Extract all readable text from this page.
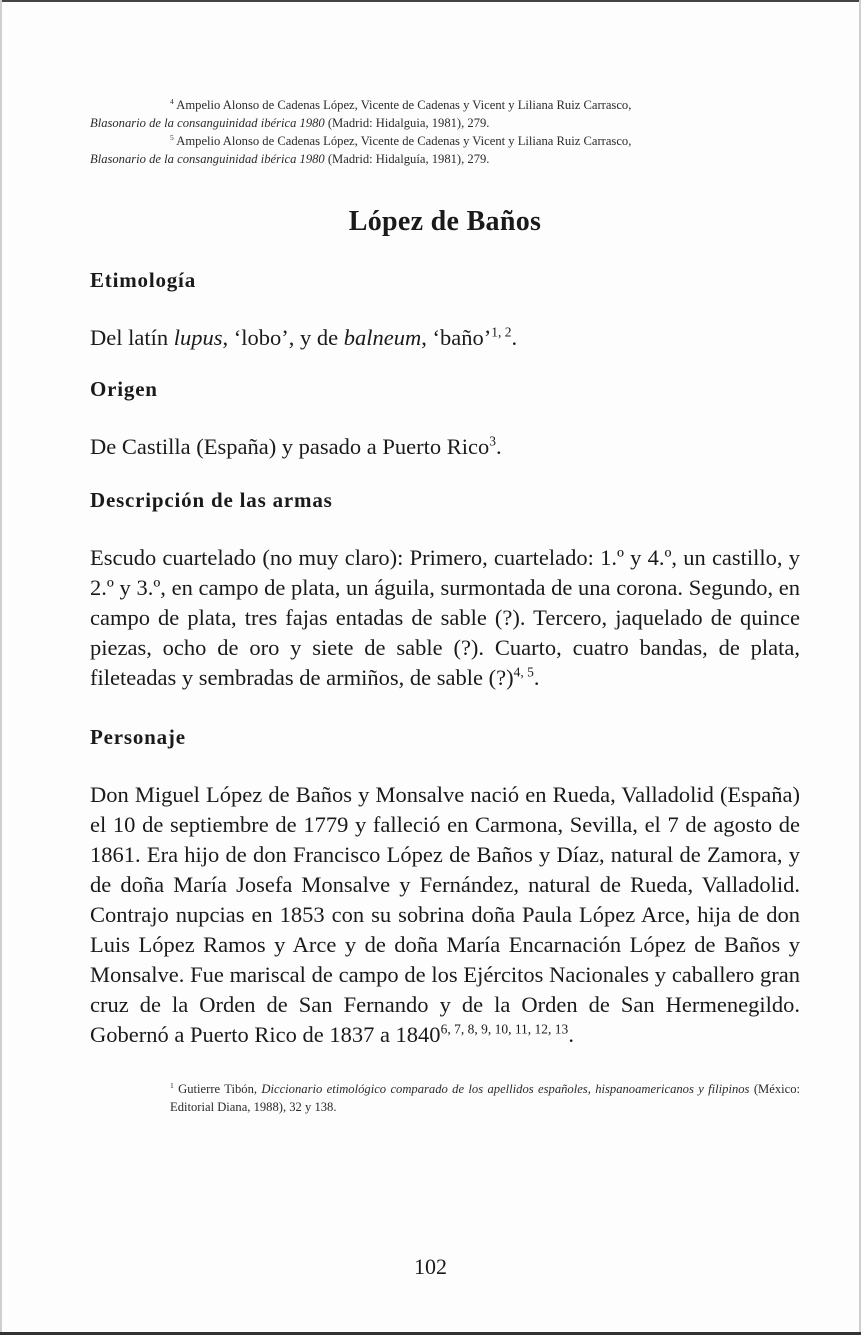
$^4$ Ampelio Alonso de Cadenas López, Vicente de Cadenas y Vicent y Liliana Ruiz Carrasco,
Blasonario de la consanguinidad ibérica 1980 (Madrid: Hidalguia, 1981), 279.
$^5$ Ampelio Alonso de Cadenas López, Vicente de Cadenas y Vicent y Liliana Ruiz Carrasco,
Blasonario de la consanguinidad ibérica 1980 (Madrid: Hidalguía, 1981), 279.
López de Baños
Etimología

Del latín lupus, ‘lobo’, y de balneum, ‘baño’$^{1, 2}$.

Origen

De Castilla (España) y pasado a Puerto Rico$^3$.

Descripción de las armas

Escudo cuartelado (no muy claro): Primero, cuartelado: 1.º y 4.º, un castillo, y 2.º y 3.º, en campo de plata, un águila, surmontada de una corona. Segundo, en campo de plata, tres fajas entadas de sable (?). Tercero, jaquelado de quince piezas, ocho de oro y siete de sable (?). Cuarto, cuatro bandas, de plata, fileteadas y sembradas de armiños, de sable (?)$^{4, 5}$.

Personaje

Don Miguel López de Baños y Monsalve nació en Rueda, Valladolid (España) el 10 de septiembre de 1779 y falleció en Carmona, Sevilla, el 7 de agosto de 1861. Era hijo de don Francisco López de Baños y Díaz, natural de Zamora, y de doña María Josefa Monsalve y Fernández, natural de Rueda, Valladolid. Contrajo nupcias en 1853 con su sobrina doña Paula López Arce, hija de don Luis López Ramos y Arce y de doña María Encarnación López de Baños y Monsalve. Fue mariscal de campo de los Ejércitos Nacionales y caballero gran cruz de la Orden de San Fernando y de la Orden de San Hermenegildo. Gobernó a Puerto Rico de 1837 a 1840$^{6, 7, 8, 9, 10, 11, 12, 13}$.

$^1$ Gutierre Tibón, Diccionario etimológico comparado de los apellidos españoles, hispanoamericanos y filipinos (México: Editorial Diana, 1988), 32 y 138.
102
